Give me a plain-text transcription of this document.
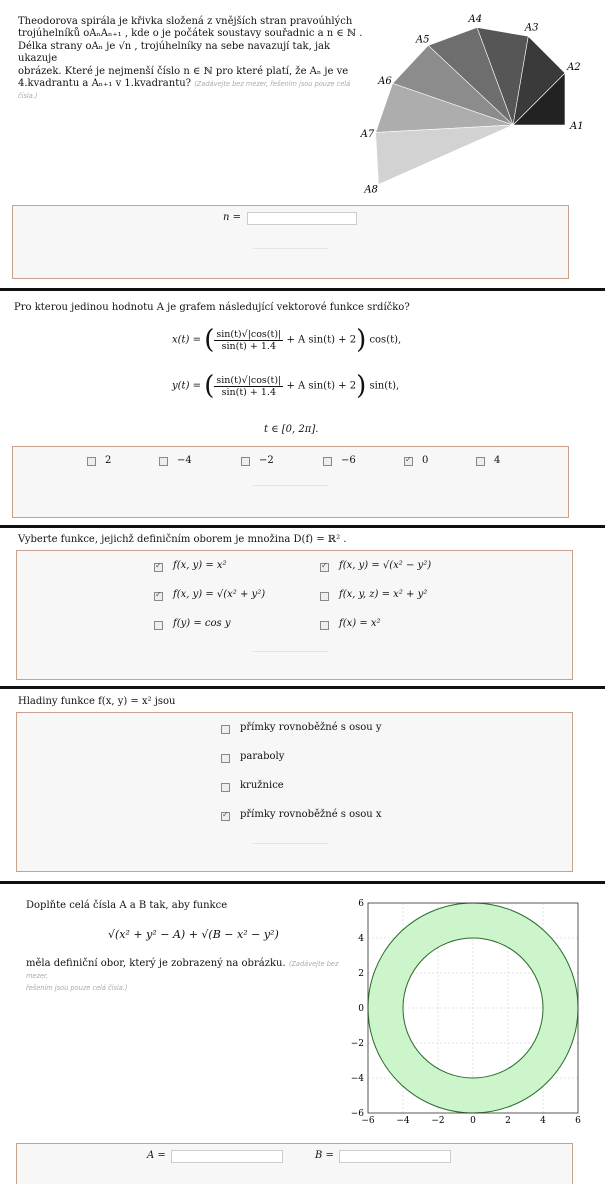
Theodorova spirála je křivka složená z vnějších stran pravoúhlých
trojúhelníků oAₙAₙ₊₁ , kde o je počátek soustavy souřadnic a n ∈ ℕ .
Délka strany oAₙ je √n , trojúhelníky na sebe navazují tak, jak ukazuje
obrázek. Které je nejmenší číslo n ∈ ℕ pro které platí, že Aₙ je ve
4.kvadrantu a Aₙ₊₁ v 1.kvadrantu? (Zadávejte bez mezer, řešením jsou pouze celá
čísla.)
A1
A2
A3
A4
A5
A6
A7
A8
n =
Pro kterou jedinou hodnotu A je grafem následující vektorové funkce srdíčko?
x(t) = ( $\frac{\sin(t)√|\cos(t)|}{\sin(t) + 1.4} + A$ sin(t) + 2) cos(t),
y(t) = ( $\frac{\sin(t)√|\cos(t)|}{\sin(t) + 1.4} + A$ sin(t) + 2) sin(t),
t ∈ [0, 2π].
2	−4	−2	−6 ✓	0	4
Vyberte funkce, jejichž definičním oborem je množina D(f) = ℝ² .
✓
f(x, y) = x² ✓	f(x, y) = √(x² − y²)
✓
f(x, y) = √(x² + y²)	f(x, y, z) = x² + y²
f(y) = cos y	f(x) = x²
Hladiny funkce f(x, y) = x² jsou
přímky rovnoběžné s osou y
paraboly
kružnice
✓
přímky rovnoběžné s osou x
Doplňte celá čísla A a B tak, aby funkce
√(x² + y² − A) + √(B − x² − y²)
měla definiční obor, který je zobrazený na obrázku. (Zadávejte bez mezer,
řešením jsou pouze celá čísla.)
−6 −4 −2	0	2	4	6
6
4
2
0
−2
−4
−6
A =	B =
